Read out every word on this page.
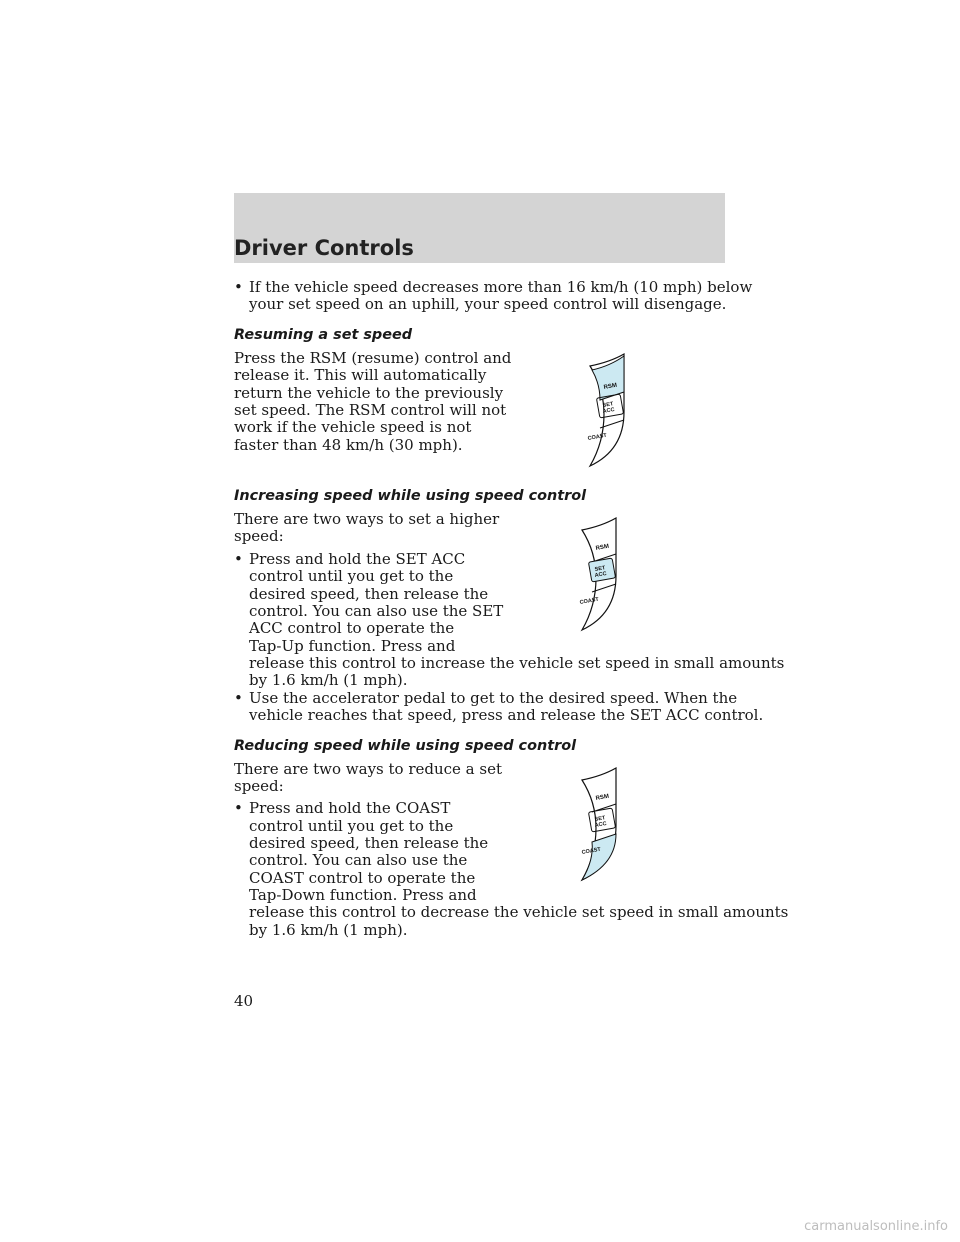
Driver Controls
• If the vehicle speed decreases more than 16 km/h (10 mph) below
your set speed on an uphill, your speed control will disengage.
Resuming a set speed
Press the RSM (resume) control and
release it. This will automatically
return the vehicle to the previously
set speed. The RSM control will not
work if the vehicle speed is not
faster than 48 km/h (30 mph).
RSM
SET
ACC
COAST
Increasing speed while using speed control
There are two ways to set a higher
speed:
• Press and hold the SET ACC
control until you get to the
desired speed, then release the
control. You can also use the SET
ACC control to operate the
Tap-Up function. Press and
release this control to increase the vehicle set speed in small amounts
by 1.6 km/h (1 mph).
• Use the accelerator pedal to get to the desired speed. When the
vehicle reaches that speed, press and release the SET ACC control.
RSM
SET
ACC
COAST
Reducing speed while using speed control
There are two ways to reduce a set
speed:
• Press and hold the COAST
control until you get to the
desired speed, then release the
control. You can also use the
COAST control to operate the
Tap-Down function. Press and
release this control to decrease the vehicle set speed in small amounts
by 1.6 km/h (1 mph).
RSM
SET
ACC
COAST
40
carmanualsonline.info
